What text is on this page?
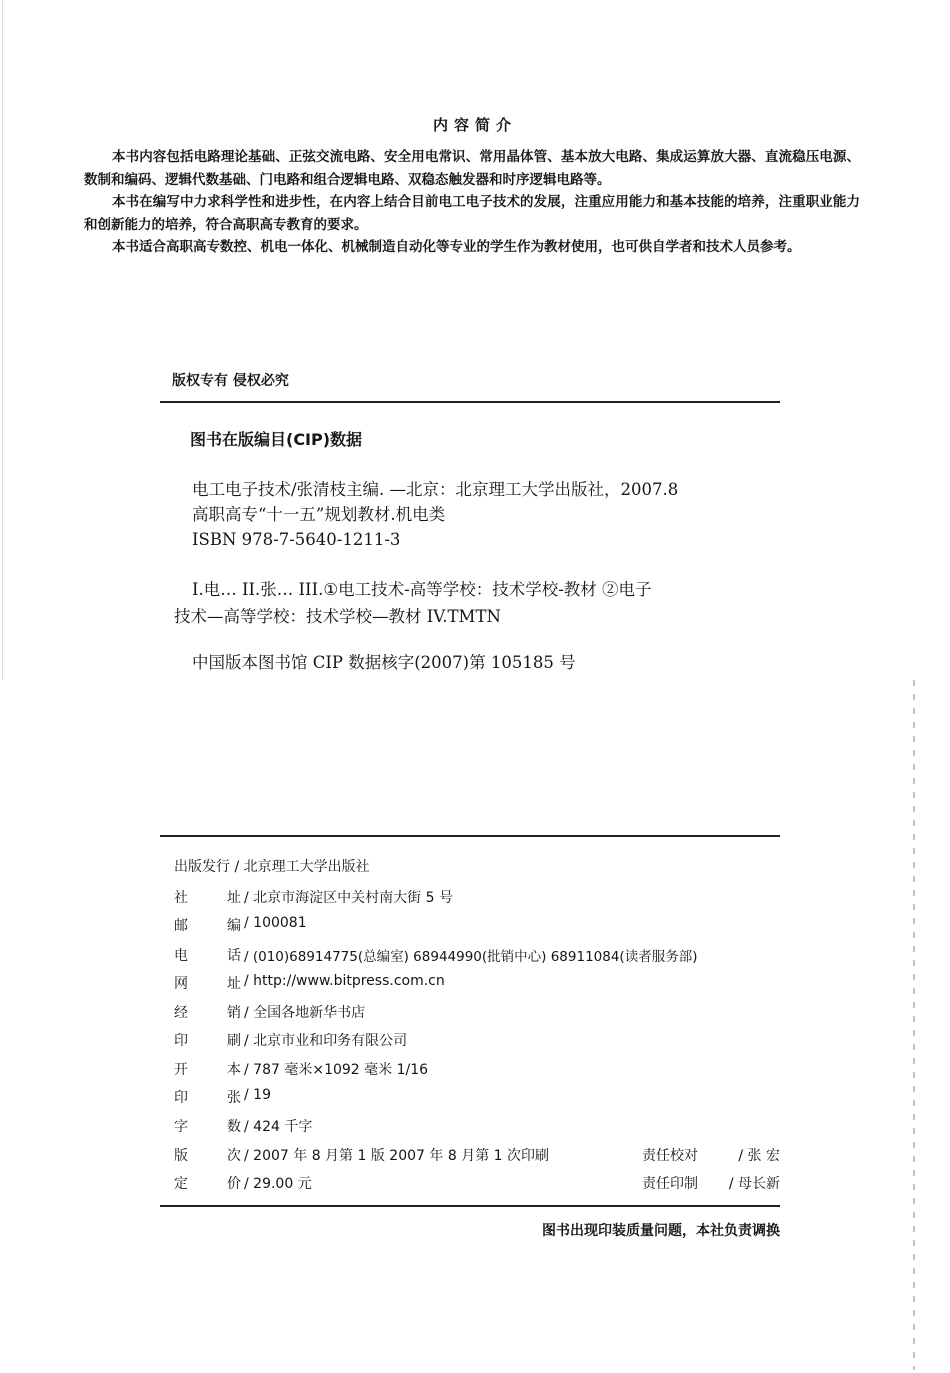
内容简介

本书内容包括电路理论基础、正弦交流电路、安全用电常识、常用晶体管、基本放大电路、集成运算放大器、直流稳压电源、数制和编码、逻辑代数基础、门电路和组合逻辑电路、双稳态触发器和时序逻辑电路等。

本书在编写中力求科学性和进步性，在内容上结合目前电工电子技术的发展，注重应用能力和基本技能的培养，注重职业能力和创新能力的培养，符合高职高专教育的要求。

本书适合高职高专数控、机电一体化、机械制造自动化等专业的学生作为教材使用，也可供自学者和技术人员参考。

版权专有 侵权必究
图书在版编目(CIP)数据
电工电子技术/张清枝主编. —北京：北京理工大学出版社，2007.8
高职高专“十一五”规划教材.机电类
ISBN 978-7-5640-1211-3
I.电… II.张… III.①电工技术-高等学校：技术学校-教材 ②电子
技术—高等学校：技术学校—教材 IV.TMTN
中国版本图书馆 CIP 数据核字(2007)第 105185 号
出版发行 / 北京理工大学出版社
社	址 / 北京市海淀区中关村南大街 5 号
邮	编 / 100081
电	话 / (010)68914775(总编室) 68944990(批销中心) 68911084(读者服务部)
网	址 / http://www.bitpress.com.cn
经	销 / 全国各地新华书店
印	刷 / 北京市业和印务有限公司
开	本 / 787 毫米×1092 毫米 1/16
印	张 / 19
字	数 / 424 千字
版	次 / 2007 年 8 月第 1 版 2007 年 8 月第 1 次印刷	责任校对	/ 张 宏
定	价 / 29.00 元	责任印制 / 母长新
图书出现印装质量问题，本社负责调换
